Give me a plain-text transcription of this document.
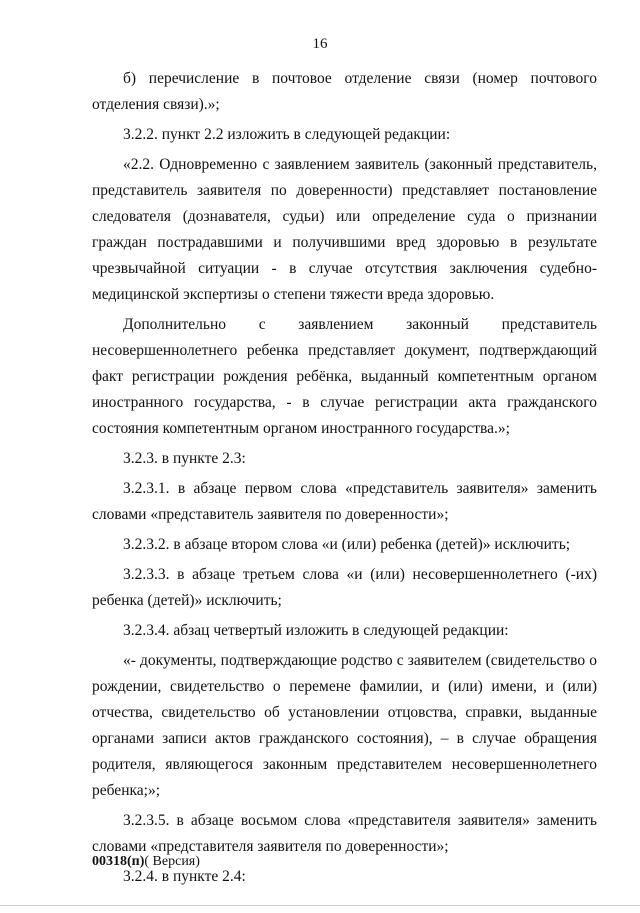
16

б) перечисление в почтовое отделение связи (номер почтового отделения связи).»;

3.2.2. пункт 2.2 изложить в следующей редакции:

«2.2. Одновременно с заявлением заявитель (законный представитель, представитель заявителя по доверенности) представляет постановление следователя (дознавателя, судьи) или определение суда о признании граждан пострадавшими и получившими вред здоровью в результате чрезвычайной ситуации - в случае отсутствия заключения судебно-медицинской экспертизы о степени тяжести вреда здоровью.

Дополнительно с заявлением законный представитель несовершеннолетнего ребенка представляет документ, подтверждающий факт регистрации рождения ребёнка, выданный компетентным органом иностранного государства, - в случае регистрации акта гражданского состояния компетентным органом иностранного государства.»;

3.2.3. в пункте 2.3:

3.2.3.1. в абзаце первом слова «представитель заявителя» заменить словами «представитель заявителя по доверенности»;

3.2.3.2. в абзаце втором слова «и (или) ребенка (детей)» исключить;

3.2.3.3. в абзаце третьем слова «и (или) несовершеннолетнего (-их) ребенка (детей)» исключить;

3.2.3.4. абзац четвертый изложить в следующей редакции:

«- документы, подтверждающие родство с заявителем (свидетельство о рождении, свидетельство о перемене фамилии, и (или) имени, и (или) отчества, свидетельство об установлении отцовства, справки, выданные органами записи актов гражданского состояния), – в случае обращения родителя, являющегося законным представителем несовершеннолетнего ребенка;»;

3.2.3.5. в абзаце восьмом слова «представителя заявителя» заменить словами «представителя заявителя по доверенности»;

3.2.4. в пункте 2.4:

00318(п)( Версия)
